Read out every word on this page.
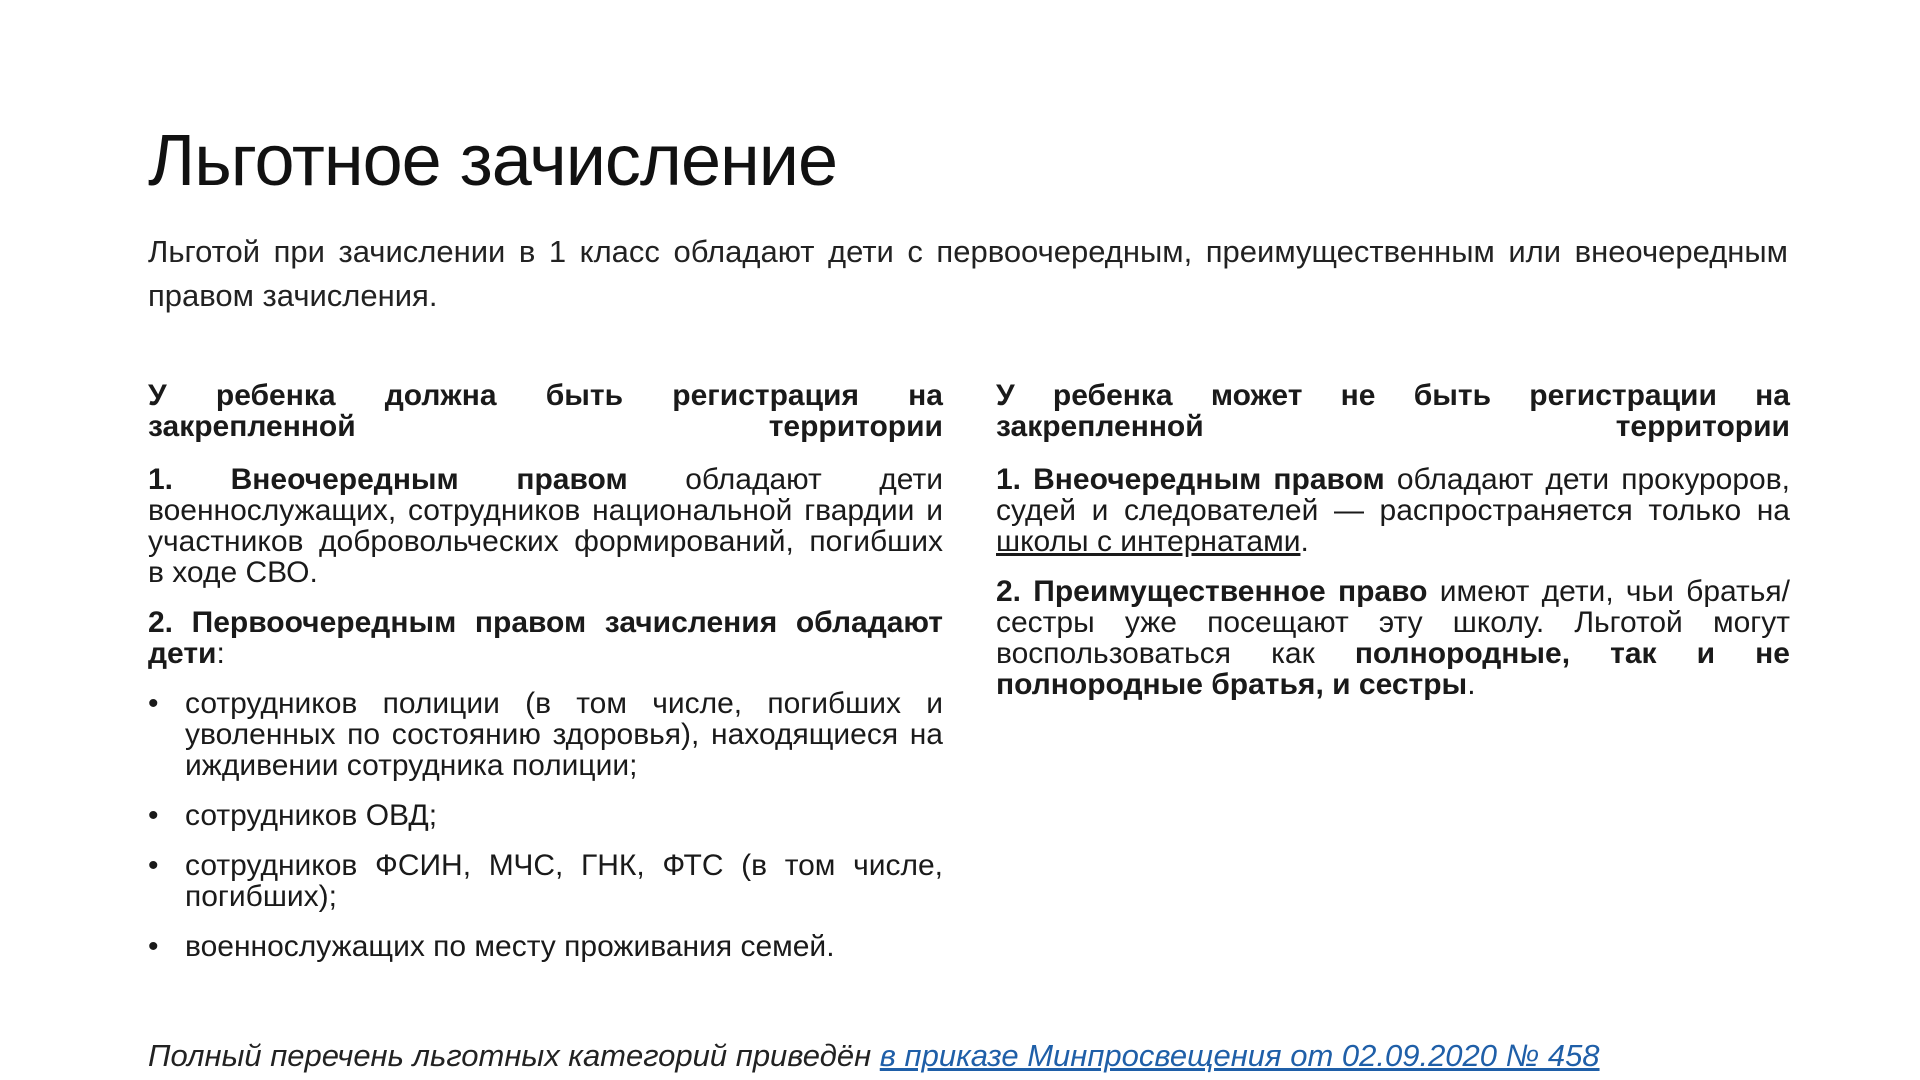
Льготное зачисление

Льготой при зачислении в 1 класс обладают дети с первоочередным, преимущественным или внеочередным правом зачисления.

У ребенка должна быть регистрация на закрепленной территории

1. Внеочередным правом обладают дети военнослужащих, сотрудников национальной гвардии и участников добровольческих формирований, погибших в ходе СВО.

2. Первоочередным правом зачисления обладают дети:

• сотрудников полиции (в том числе, погибших и уволенных по состоянию здоровья), находящиеся на иждивении сотрудника полиции;
• сотрудников ОВД;
• сотрудников ФСИН, МЧС, ГНК, ФТС (в том числе, погибших);
• военнослужащих по месту проживания семей.

У ребенка может не быть регистрации на закрепленной территории

1. Внеочередным правом обладают дети прокуроров, судей и следователей — распространяется только на школы с интернатами.

2. Преимущественное право имеют дети, чьи братья/сестры уже посещают эту школу. Льготой могут воспользоваться как полнородные, так и не полнородные братья, и сестры.

Полный перечень льготных категорий приведён в приказе Минпросвещения от 02.09.2020 № 458
